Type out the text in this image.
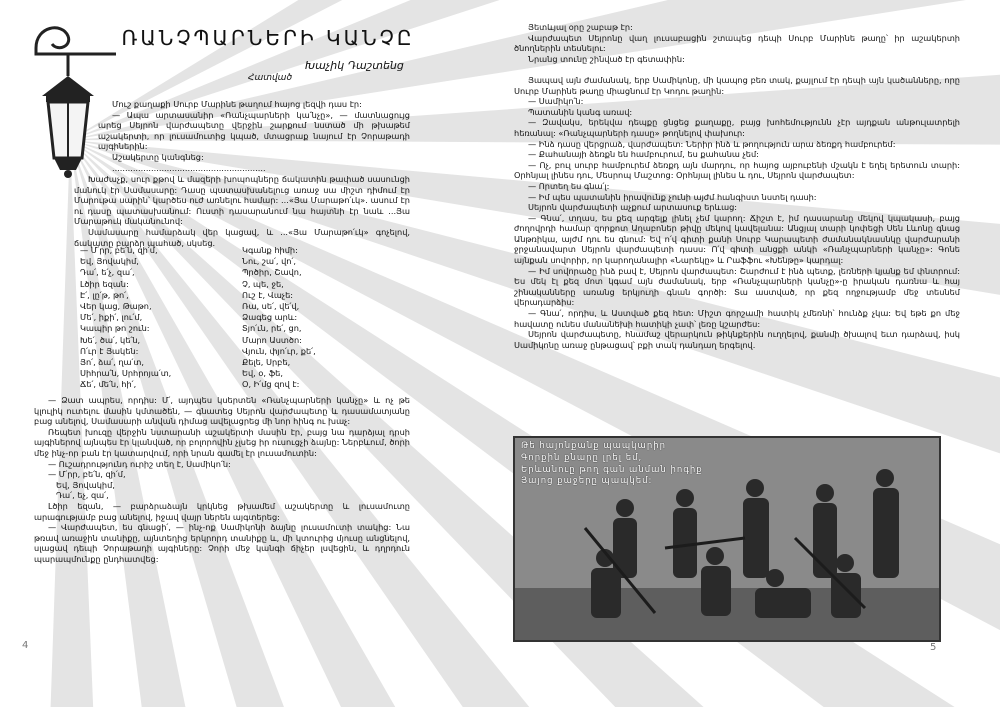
ՌԱՆՉՊԱՐՆԵՐԻ ԿԱՆՉԸ
Խաչիկ Դաշտենց
Հատված

Մուշ քաղաքի Սուրբ Մարինե թաղում հայոց լեզվի դաս էր:

— Ապա արտասանիր «Ռանչպարների կա՛նչը», — մատնացույց արեց Սեյրոն վարժապետը վերջին շարքում նստած մի թխաթեմ աշակերտի, որ լուսամուտից կպած, մտացրաք նայում էր Չորաթադի այգիներին:

Աշակերտը կանգնեց:

...........................................................

Խաժաչք, սուր քթով և մազերի խոպոպները ճակատին թափած սասունցի մանուկ էր Սամասարը: Դասը պատասխանելուց առաջ սա միշտ դիմում էր Մարութա սարին՝ կարծես ուժ առնելու համար: ...«Յա Մարաթո՛ւկ». ասում էր ու դասը պատասխանում: Ուստի դասարանում նա հայտնի էր նաև ...Յա Մարաթուկ մականունով:

Սամասարը համարձակ վեր կացավ, և ...«Յա Մարաթո՛ւկ» գոչելով, ճակատը բարձր պահած, սկսեց.

— Մ՛րր, բե՛ն, զի՛մ,
Եվ, Յովակիմ,
Դա՛, ե՛չ, զա՛,
Լծիր եզան:
Է՛, լը՛թ, թո՛,
Վեր կաց, Թաթո,
Մե՛, իքի՛, լու՛մ,
Կապիր թո շուն:
Խե՛, ծա՛, կե՛ն,
Ո՛ւր է Յակեն:
Յո՛, ձա՛, ղա՛տ,
Սիհրա՛ն, Սրհրոյա՛տ,
Ճե՛, մե՛ն, հի՛,
Կգանք հիմի:
Նու, շա՛, վո՛,
Պրծիր, Շավո,
Չ, պե, ջե,
Ուշ է, Վաչե:
Ռա, սե՛, վե՛վ,
Ձագեց արև:
Տյո՛ւն, րե՛, ցո,
Մարո Աստծո:
Վյուն, փյո՛ւր, քե՛,
Քելե, Սրբե,
Եվ, օ, ֆե,
Օ, Ի՛մց զով է:

— Ձատ ապրես, որդիս: Մ՛, այդպես կսերտեն «Ռանչպարների կանչը» և ոչ թե կլուլիկ ուտելու մասին կմտածեն, — գնատեց Սեյրոն վարժապետը և դասամատյանը բաց անելով, Սամասարի անվան դիմաց ավելացրեց մի նոր հինգ ու խաչ:

Ռեպետ խուզը վերջին նստարանի աշակերտի մասին էր, բայց նա դարձյալ դրսի այգիներով այնպես էր կլանված, որ բոլորովին չլսեց իր ուսուցչի ձայնը: Ներբևում, ծորի մեջ ինչ-որ բան էր կատարվում, որի նրան գամել էր լուսամուտին:

— Ուշադրությունդ ուրիշ տեղ է, Սամիկո՛ն:

— Մ՛րր, բե՛ն, զի՛մ,

Եվ, Յովակիմ,

Դա՛, եչ, զա՛,

Լծիր եզան, — բարձրաձայն կրկնեց թխամեմ աշակերտը և լուսամուտը արագությամբ բաց անելով, իջավ վայր ներեն այգտերեց:

— Վարժապետ, ես գնացի՛, — ինչ-ոք Սամիկոնի ձայնը լուսամուտի տակից: Նա թռավ առաջին տանիքը, այնտեղից երկրորդ տանիքը և, մի կտուրից մյուսը անցնելով, սլացավ դեպի Չորաթադի այգիները: Չորի մեջ կանգի ճիչեր լսվեցին, և դղրդուն պարապմունքը ընդհատվեց:

4

Յետևյալ օրը շաբաթ էր:

Վարժապետ Սեյրոնը վաղ լուսաբացին շտապեց դեպի Սուրբ Մարինե թաղը՝ իր աշակերտի ծնողներին տեսնելու:

Նրանց տունը շինված էր գետափին:

Յապավ այն ժամանակ, երբ Սամիկոնը, մի կապոց բեռ տակ, քայլում էր դեպի այն կածանները, որը Սուրբ Մարինե թաղը միացնում էր Կոդու թաղին:

— Սամիկո՛ն:

Պատանին կանգ առավ:

— Զավակս, երեկվա դեպքը ցնցեց քաղաքը, բայց խոհեմությունն չէր այդքան անթուլատրելի հեռանալ: «Ռանչպարների դասը» թողնելով փախուր:

— Ինձ դասը վերցրաձ, վարժապետ: Ներիր ինձ և թողություն արա ձեռքդ համբուրեմ:

— Քահանայի ձեռքն են համբուրում, ես քահանա չեմ:

— Ոչ, բուլ սուրբ համբուրեմ ձեռքդ այն մարդու, որ հայոց այբուբենի մշակն է եղել երետուն տարի: Օրհնյալ լինես դու, Մեսրոպ Մաշտոց: Օրհնյալ լինես և դու, Սեյրոն վարժապետ:

— Որտեղ ես գնա՛լ:

— Իմ պես պատանին իրավունք չունի այժմ հանգիստ նստել դասի:

Սեյրոն վարժապետի աչքում արտասուք երևաց:

— Գնա՛, տղաս, ես քեզ արգելք լինել չեմ կարող: Ճիշտ է, իմ դասարանը մեկով կպակասի, բայց ժողովրդի համար զորքոտ Աղաբոներ թիվը մեկով կավելանա: Անցյալ տարի կոփեցի Սեն Լևոնը գնաց Անթռիկա, այժմ դու ես գնում: Եվ ո՛վ գիտի քանի Սուրբ Կարապետի ժամանակնասնկը վարժարանի ջրջանավարտ Սեյրոն վարժապետի դասս: Ո՛վ գիտի անցքի անկի «Ռանչպարների կանչը»: Գոնե այնքան սովորիր, որ կարողանալիր «Նարեկը» և Րաֆֆու «Խենթը» կարդալ:

— Իմ սովորածը ինձ բավ է, Սեյրոն վարժապետ: Շարժում է ինձ պետք, լեռների կյանք եմ փնտրում: Ես մեկ էլ քեզ մոտ կգամ այն ժամանակ, երբ «Ռանչպարների կանչը»-ը իրական դառնա և հայ շինականները առանց երկյուղի գնան գործի: Տա աստված, որ քեզ ողջությամբ մեջ տեսնեմ վերադարձիս:

— Գնա՛, որդիս, և Աստված քեզ հետ: Միշտ գորշամի հատիկ չմեռնի՝ հունձք չկա: Եվ եթե քո մեջ հավատը ունես մանանեխի հատիկի չափ՝ լեռը կշարժես:

Սեյրոն վարժապետը, հնամաշ վերարկուն թիկնքերին ուղղելով, քանմի ծխալով եւտ դարձավ, իսկ Սամիկոնը առաջ ընթացավ՝ բքի տակ դանդաղ երգելով.

5
Թե հայոնքանք պապկարիր
Գորքին քնարը լրել եմ,
Երևանուը թող գան անման իոգիք
Յայոց քաջերը պապկեմ:
